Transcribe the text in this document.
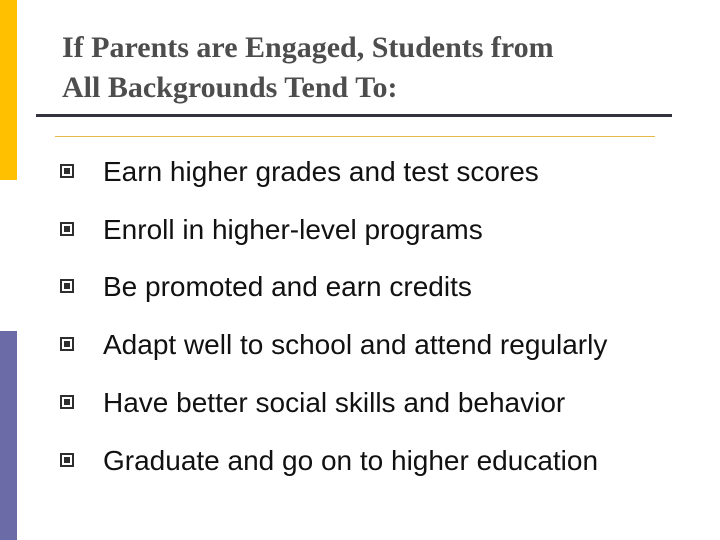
If Parents are Engaged, Students from
All Backgrounds Tend To:
Earn higher grades and test scores
Enroll in higher-level programs
Be promoted and earn credits
Adapt well to school and attend regularly
Have better social skills and behavior
Graduate and go on to higher education
